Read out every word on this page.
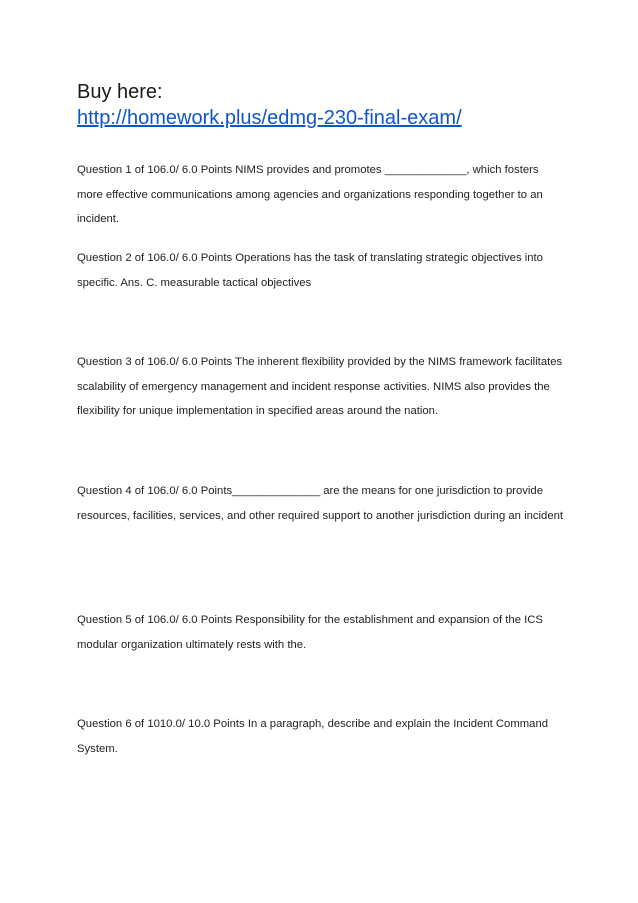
Buy here:
http://homework.plus/edmg-230-final-exam/

Question 1 of 106.0/ 6.0 Points NIMS provides and promotes _____________, which fosters more effective communications among agencies and organizations responding together to an incident.

Question 2 of 106.0/ 6.0 Points Operations has the task of translating strategic objectives into specific. Ans. C. measurable tactical objectives

Question 3 of 106.0/ 6.0 Points The inherent flexibility provided by the NIMS framework facilitates scalability of emergency management and incident response activities. NIMS also provides the flexibility for unique implementation in specified areas around the nation.

Question 4 of 106.0/ 6.0 Points______________ are the means for one jurisdiction to provide resources, facilities, services, and other required support to another jurisdiction during an incident

Question 5 of 106.0/ 6.0 Points Responsibility for the establishment and expansion of the ICS modular organization ultimately rests with the.

Question 6 of 1010.0/ 10.0 Points In a paragraph, describe and explain the Incident Command System.
